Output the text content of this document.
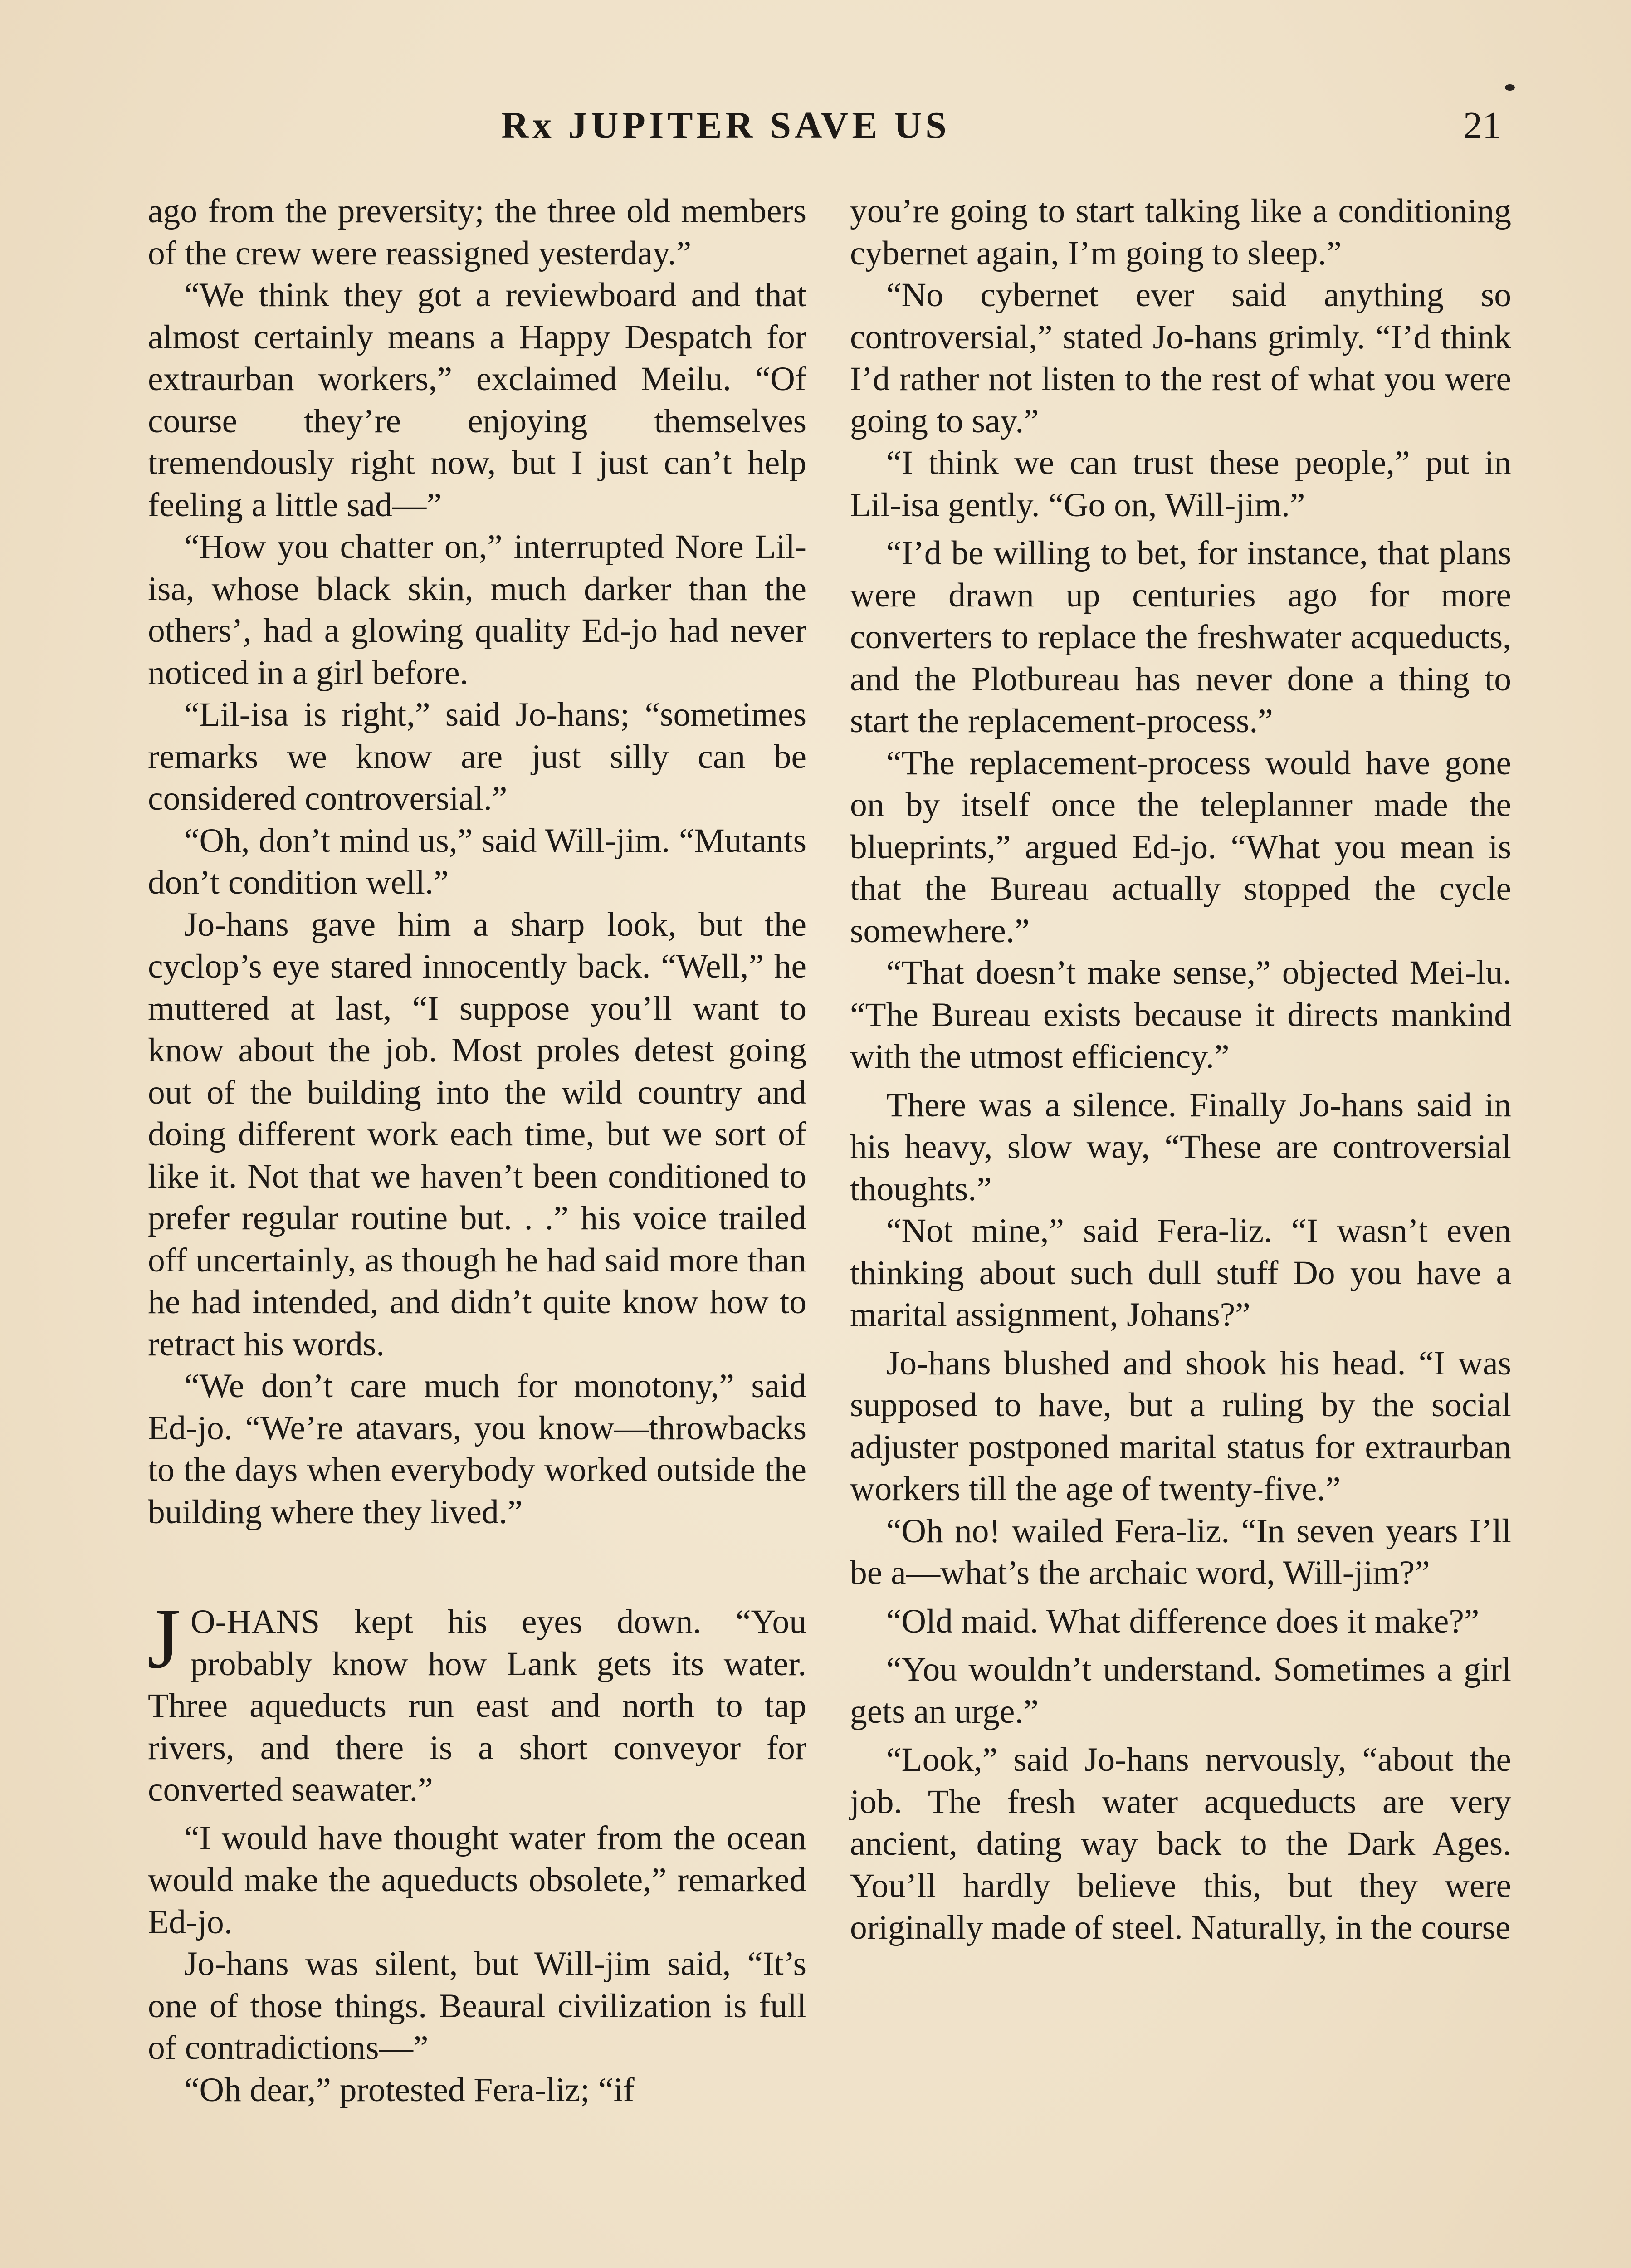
Rx JUPITER SAVE US	21

ago from the preversity; the three old members of the crew were reassigned yesterday.”

“We think they got a reviewboard and that almost certainly means a Happy Despatch for extraurban workers,” exclaimed Meilu. “Of course they’re enjoying themselves tremendously right now, but I just can’t help feeling a little sad—”

“How you chatter on,” interrupted Nore Lil-isa, whose black skin, much darker than the others’, had a glowing quality Ed-jo had never noticed in a girl before.

“Lil-isa is right,” said Jo-hans; “sometimes remarks we know are just silly can be considered controversial.”

“Oh, don’t mind us,” said Will-jim. “Mutants don’t condition well.”

Jo-hans gave him a sharp look, but the cyclop’s eye stared innocently back. “Well,” he muttered at last, “I suppose you’ll want to know about the job. Most proles detest going out of the building into the wild country and doing different work each time, but we sort of like it. Not that we haven’t been conditioned to prefer regular routine but. . .” his voice trailed off uncertainly, as though he had said more than he had intended, and didn’t quite know how to retract his words.

“We don’t care much for monotony,” said Ed-jo. “We’re atavars, you know—throwbacks to the days when everybody worked outside the building where they lived.”

J O-HANS kept his eyes down. “You probably know how Lank gets its water. Three aqueducts run east and north to tap rivers, and there is a short conveyor for converted seawater.”

“I would have thought water from the ocean would make the aqueducts obsolete,” remarked Ed-jo.

Jo-hans was silent, but Will-jim said, “It’s one of those things. Beaural civilization is full of contradictions—”

“Oh dear,” protested Fera-liz; “if

you’re going to start talking like a conditioning cybernet again, I’m going to sleep.”

“No cybernet ever said anything so controversial,” stated Jo-hans grimly. “I’d think I’d rather not listen to the rest of what you were going to say.”

“I think we can trust these people,” put in Lil-isa gently. “Go on, Will-jim.”

“I’d be willing to bet, for instance, that plans were drawn up centuries ago for more converters to replace the freshwater acqueducts, and the Plotbureau has never done a thing to start the replacement-process.”

“The replacement-process would have gone on by itself once the teleplanner made the blueprints,” argued Ed-jo. “What you mean is that the Bureau actually stopped the cycle somewhere.”

“That doesn’t make sense,” objected Mei-lu. “The Bureau exists because it directs mankind with the utmost efficiency.”

There was a silence. Finally Jo-hans said in his heavy, slow way, “These are controversial thoughts.”

“Not mine,” said Fera-liz. “I wasn’t even thinking about such dull stuff Do you have a marital assignment, Johans?”

Jo-hans blushed and shook his head. “I was supposed to have, but a ruling by the social adjuster postponed marital status for extraurban workers till the age of twenty-five.”

“Oh no! wailed Fera-liz. “In seven years I’ll be a—what’s the archaic word, Will-jim?”

“Old maid. What difference does it make?”

“You wouldn’t understand. Sometimes a girl gets an urge.”

“Look,” said Jo-hans nervously, “about the job. The fresh water acqueducts are very ancient, dating way back to the Dark Ages. You’ll hardly believe this, but they were originally made of steel. Naturally, in the course
